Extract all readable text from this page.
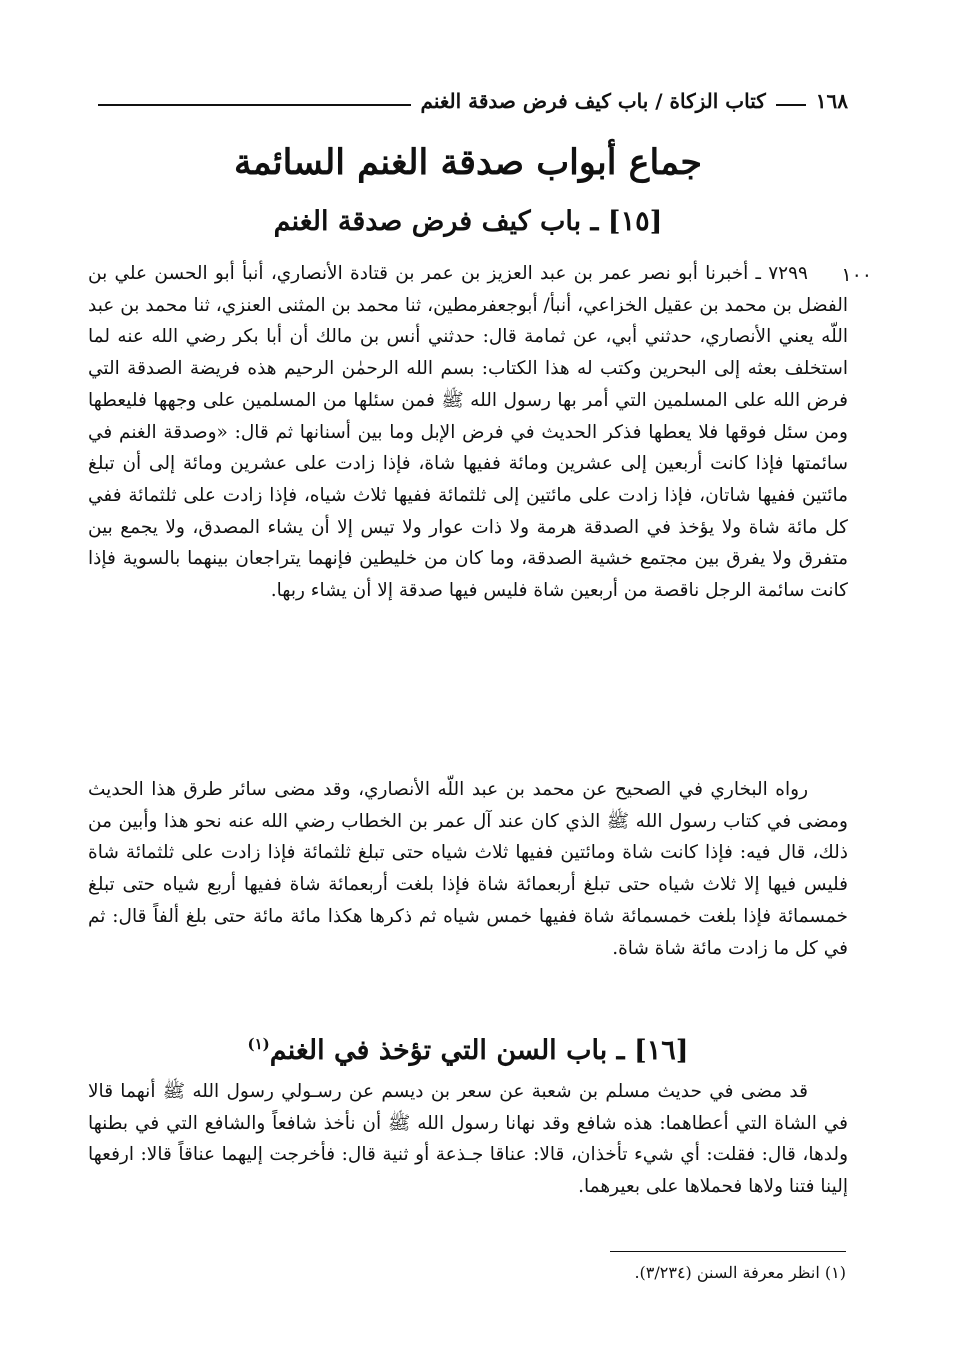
١٦٨
كتاب الزكاة / باب كيف فرض صدقة الغنم
جماع أبواب صدقة الغنم السائمة
[١٥] ـ باب كيف فرض صدقة الغنم
١٠٠

٧٢٩٩ ـ أخبرنا أبو نصر عمر بن عبد العزيز بن عمر بن قتادة الأنصاري، أنبأ أبو الحسن علي بن الفضل بن محمد بن عقيل الخزاعي، أنبأ/ أبوجعفرمطين، ثنا محمد بن المثنى العنزي، ثنا محمد بن عبد اللّه يعني الأنصاري، حدثني أبي، عن ثمامة قال: حدثني أنس بن مالك أن أبا بكر رضي الله عنه لما استخلف بعثه إلى البحرين وكتب له هذا الكتاب: بسم الله الرحمٰن الرحيم هذه فريضة الصدقة التي فرض الله على المسلمين التي أمر بها رسول الله ﷺ فمن سئلها من المسلمين على وجهها فليعطها ومن سئل فوقها فلا يعطها فذكر الحديث في فرض الإبل وما بين أسنانها ثم قال: «وصدقة الغنم في سائمتها فإذا كانت أربعين إلى عشرين ومائة ففيها شاة، فإذا زادت على عشرين ومائة إلى أن تبلغ مائتين ففيها شاتان، فإذا زادت على مائتين إلى ثلثمائة ففيها ثلاث شياه، فإذا زادت على ثلثمائة ففي كل مائة شاة ولا يؤخذ في الصدقة هرمة ولا ذات عوار ولا تيس إلا أن يشاء المصدق، ولا يجمع بين متفرق ولا يفرق بين مجتمع خشية الصدقة، وما كان من خليطين فإنهما يتراجعان بينهما بالسوية فإذا كانت سائمة الرجل ناقصة من أربعين شاة فليس فيها صدقة إلا أن يشاء ربها.

رواه البخاري في الصحيح عن محمد بن عبد اللّه الأنصاري، وقد مضى سائر طرق هذا الحديث ومضى في كتاب رسول الله ﷺ الذي كان عند آل عمر بن الخطاب رضي الله عنه نحو هذا وأبين من ذلك، قال فيه: فإذا كانت شاة ومائتين ففيها ثلاث شياه حتى تبلغ ثلثمائة فإذا زادت على ثلثمائة شاة فليس فيها إلا ثلاث شياه حتى تبلغ أربعمائة شاة فإذا بلغت أربعمائة شاة ففيها أربع شياه حتى تبلغ خمسمائة فإذا بلغت خمسمائة شاة ففيها خمس شياه ثم ذكرها هكذا مائة مائة حتى بلغ ألفاً قال: ثم في كل ما زادت مائة شاة شاة.

[١٦] ـ باب السن التي تؤخذ في الغنم$^{(١)}$

قد مضى في حديث مسلم بن شعبة عن سعر بن ديسم عن رسـولي رسول الله ﷺ أنهما قالا في الشاة التي أعطاهما: هذه شافع وقد نهانا رسول الله ﷺ أن نأخذ شافعاً والشافع التي في بطنها ولدها، قال: فقلت: أي شيء تأخذان، قالا: عناقا جـذعة أو ثنية قال: فأخرجت إليهما عناقاً قالا: ارفعها إلينا فتنا ولاها فحملاها على بعيرهما.

(١) انظر معرفة السنن (٣/٢٣٤).
